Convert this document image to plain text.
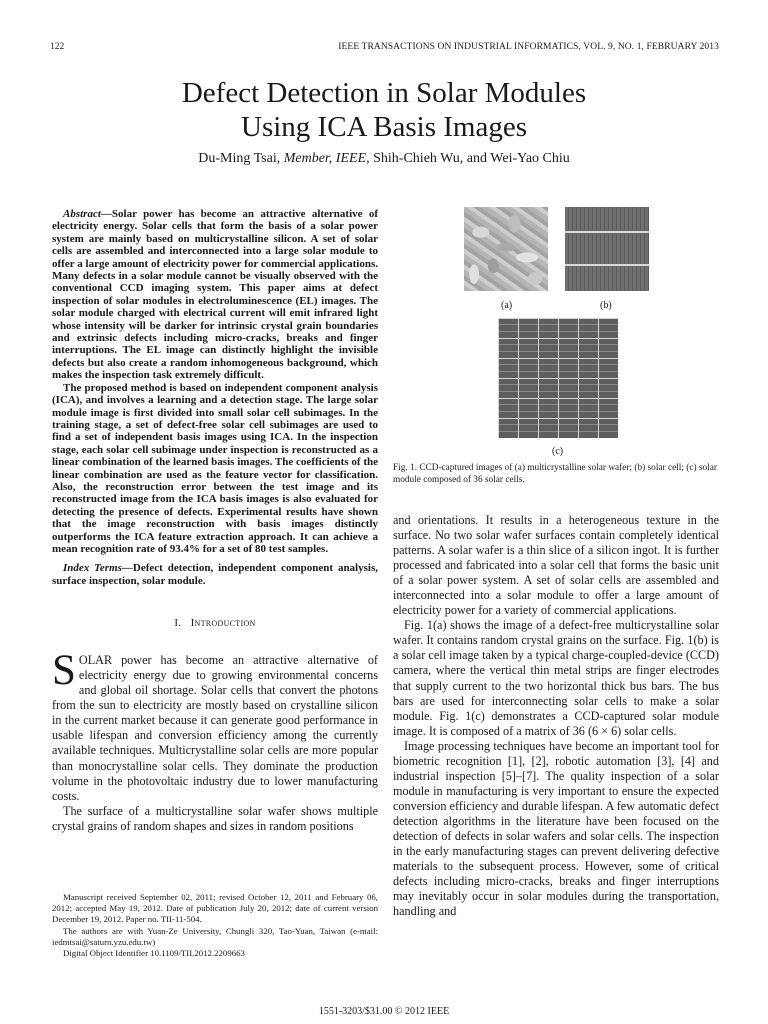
122	IEEE TRANSACTIONS ON INDUSTRIAL INFORMATICS, VOL. 9, NO. 1, FEBRUARY 2013
Defect Detection in Solar Modules
Using ICA Basis Images
Du-Ming Tsai, Member, IEEE, Shih-Chieh Wu, and Wei-Yao Chiu

Abstract—Solar power has become an attractive alternative of electricity energy. Solar cells that form the basis of a solar power system are mainly based on multicrystalline silicon. A set of solar cells are assembled and interconnected into a large solar module to offer a large amount of electricity power for commercial applications. Many defects in a solar module cannot be visually observed with the conventional CCD imaging system. This paper aims at defect inspection of solar modules in electroluminescence (EL) images. The solar module charged with electrical current will emit infrared light whose intensity will be darker for intrinsic crystal grain boundaries and extrinsic defects including micro-cracks, breaks and finger interruptions. The EL image can distinctly highlight the invisible defects but also create a random inhomogeneous background, which makes the inspection task extremely difficult.

The proposed method is based on independent component analysis (ICA), and involves a learning and a detection stage. The large solar module image is first divided into small solar cell subimages. In the training stage, a set of defect-free solar cell subimages are used to find a set of independent basis images using ICA. In the inspection stage, each solar cell subimage under inspection is reconstructed as a linear combination of the learned basis images. The coefficients of the linear combination are used as the feature vector for classification. Also, the reconstruction error between the test image and its reconstructed image from the ICA basis images is also evaluated for detecting the presence of defects. Experimental results have shown that the image reconstruction with basis images distinctly outperforms the ICA feature extraction approach. It can achieve a mean recognition rate of 93.4% for a set of 80 test samples.

Index Terms—Defect detection, independent component analysis, surface inspection, solar module.

I. Introduction

SOLAR power has become an attractive alternative of electricity energy due to growing environmental concerns and global oil shortage. Solar cells that convert the photons from the sun to electricity are mostly based on crystalline silicon in the current market because it can generate good performance in usable lifespan and conversion efficiency among the currently available techniques. Multicrystalline solar cells are more popular than monocrystalline solar cells. They dominate the production volume in the photovoltaic industry due to lower manufacturing costs.

The surface of a multicrystalline solar wafer shows multiple crystal grains of random shapes and sizes in random positions

Manuscript received September 02, 2011; revised October 12, 2011 and February 06, 2012; accepted May 19, 2012. Date of publication July 20, 2012; date of current version December 19, 2012. Paper no. TII-11-504.

The authors are with Yuan-Ze University, Chungli 320, Tao-Yuan, Taiwan (e-mail: iedmtsai@saturn.yzu.edu.tw)

Digital Object Identifier 10.1109/TII.2012.2209663

(a)	(b)
(c)
Fig. 1. CCD-captured images of (a) multicrystalline solar wafer; (b) solar cell; (c) solar module composed of 36 solar cells.

and orientations. It results in a heterogeneous texture in the surface. No two solar wafer surfaces contain completely identical patterns. A solar wafer is a thin slice of a silicon ingot. It is further processed and fabricated into a solar cell that forms the basic unit of a solar power system. A set of solar cells are assembled and interconnected into a solar module to offer a large amount of electricity power for a variety of commercial applications.

Fig. 1(a) shows the image of a defect-free multicrystalline solar wafer. It contains random crystal grains on the surface. Fig. 1(b) is a solar cell image taken by a typical charge-coupled-device (CCD) camera, where the vertical thin metal strips are finger electrodes that supply current to the two horizontal thick bus bars. The bus bars are used for interconnecting solar cells to make a solar module. Fig. 1(c) demonstrates a CCD-captured solar module image. It is composed of a matrix of 36 (6 × 6) solar cells.

Image processing techniques have become an important tool for biometric recognition [1], [2], robotic automation [3], [4] and industrial inspection [5]–[7]. The quality inspection of a solar module in manufacturing is very important to ensure the expected conversion efficiency and durable lifespan. A few automatic defect detection algorithms in the literature have been focused on the detection of defects in solar wafers and solar cells. The inspection in the early manufacturing stages can prevent delivering defective materials to the subsequent process. However, some of critical defects including micro-cracks, breaks and finger interruptions may inevitably occur in solar modules during the transportation, handling and

1551-3203/$31.00 © 2012 IEEE
